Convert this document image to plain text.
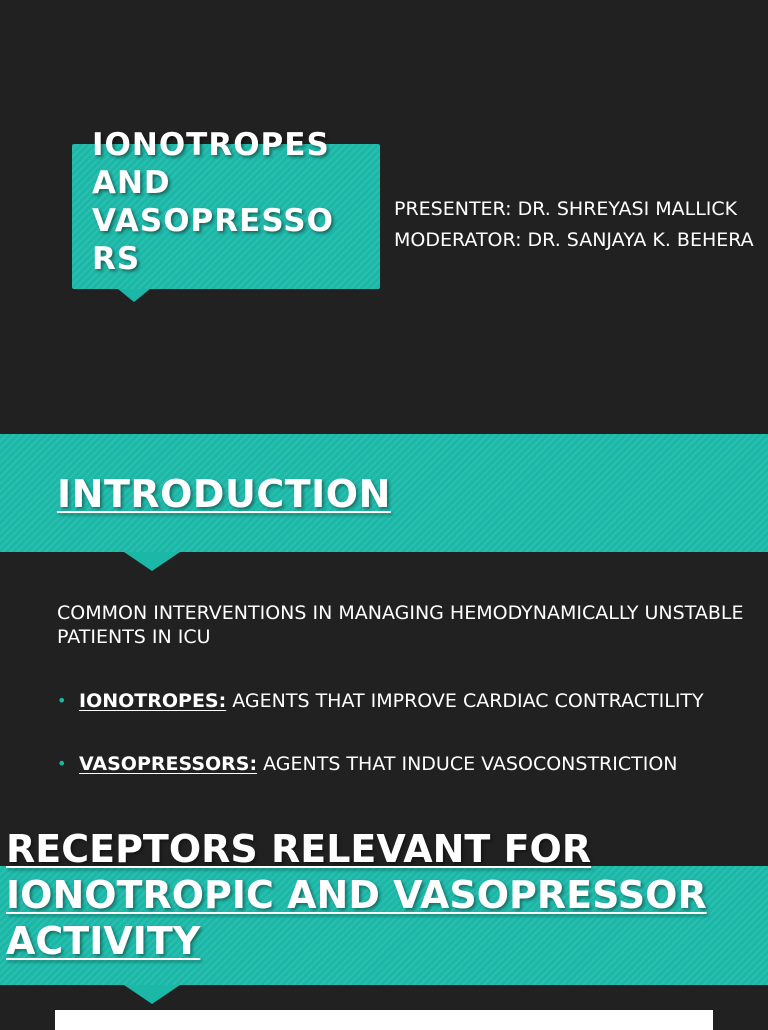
IONOTROPES
AND
VASOPRESSO
RS
PRESENTER: DR. SHREYASI MALLICK
MODERATOR: DR. SANJAYA K. BEHERA
INTRODUCTION

COMMON INTERVENTIONS IN MANAGING HEMODYNAMICALLY UNSTABLE PATIENTS IN ICU

• IONOTROPES: AGENTS THAT IMPROVE CARDIAC CONTRACTILITY
• VASOPRESSORS: AGENTS THAT INDUCE VASOCONSTRICTION
RECEPTORS RELEVANT FOR IONOTROPIC AND VASOPRESSOR ACTIVITY
